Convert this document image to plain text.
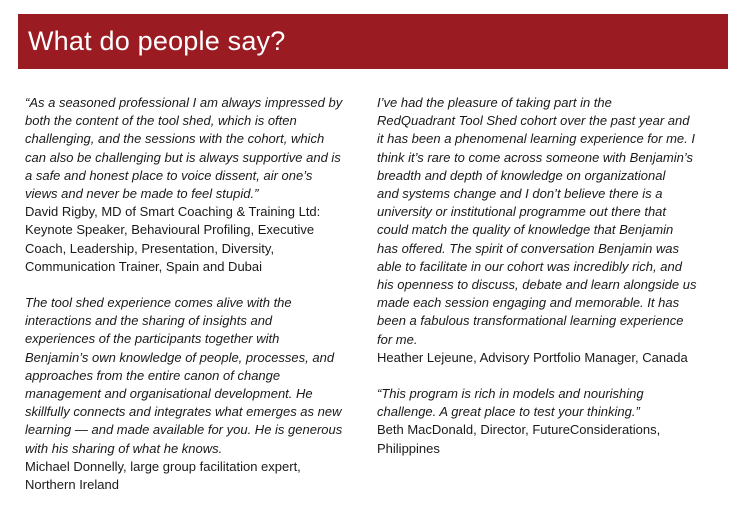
What do people say?

“As a seasoned professional I am always impressed by
both the content of the tool shed, which is often
challenging, and the sessions with the cohort, which
can also be challenging but is always supportive and is
a safe and honest place to voice dissent, air one’s
views and never be made to feel stupid.”

David Rigby, MD of Smart Coaching & Training Ltd:
Keynote Speaker, Behavioural Profiling, Executive
Coach, Leadership, Presentation, Diversity,
Communication Trainer, Spain and Dubai

The tool shed experience comes alive with the
interactions and the sharing of insights and
experiences of the participants together with
Benjamin’s own knowledge of people, processes, and
approaches from the entire canon of change
management and organisational development. He
skillfully connects and integrates what emerges as new
learning — and made available for you. He is generous
with his sharing of what he knows.

Michael Donnelly, large group facilitation expert,
Northern Ireland

I’ve had the pleasure of taking part in the
RedQuadrant Tool Shed cohort over the past year and
it has been a phenomenal learning experience for me. I
think it’s rare to come across someone with Benjamin’s
breadth and depth of knowledge on organizational
and systems change and I don’t believe there is a
university or institutional programme out there that
could match the quality of knowledge that Benjamin
has offered. The spirit of conversation Benjamin was
able to facilitate in our cohort was incredibly rich, and
his openness to discuss, debate and learn alongside us
made each session engaging and memorable. It has
been a fabulous transformational learning experience
for me.

Heather Lejeune, Advisory Portfolio Manager, Canada

“This program is rich in models and nourishing
challenge. A great place to test your thinking.”

Beth MacDonald, Director, FutureConsiderations,
Philippines
